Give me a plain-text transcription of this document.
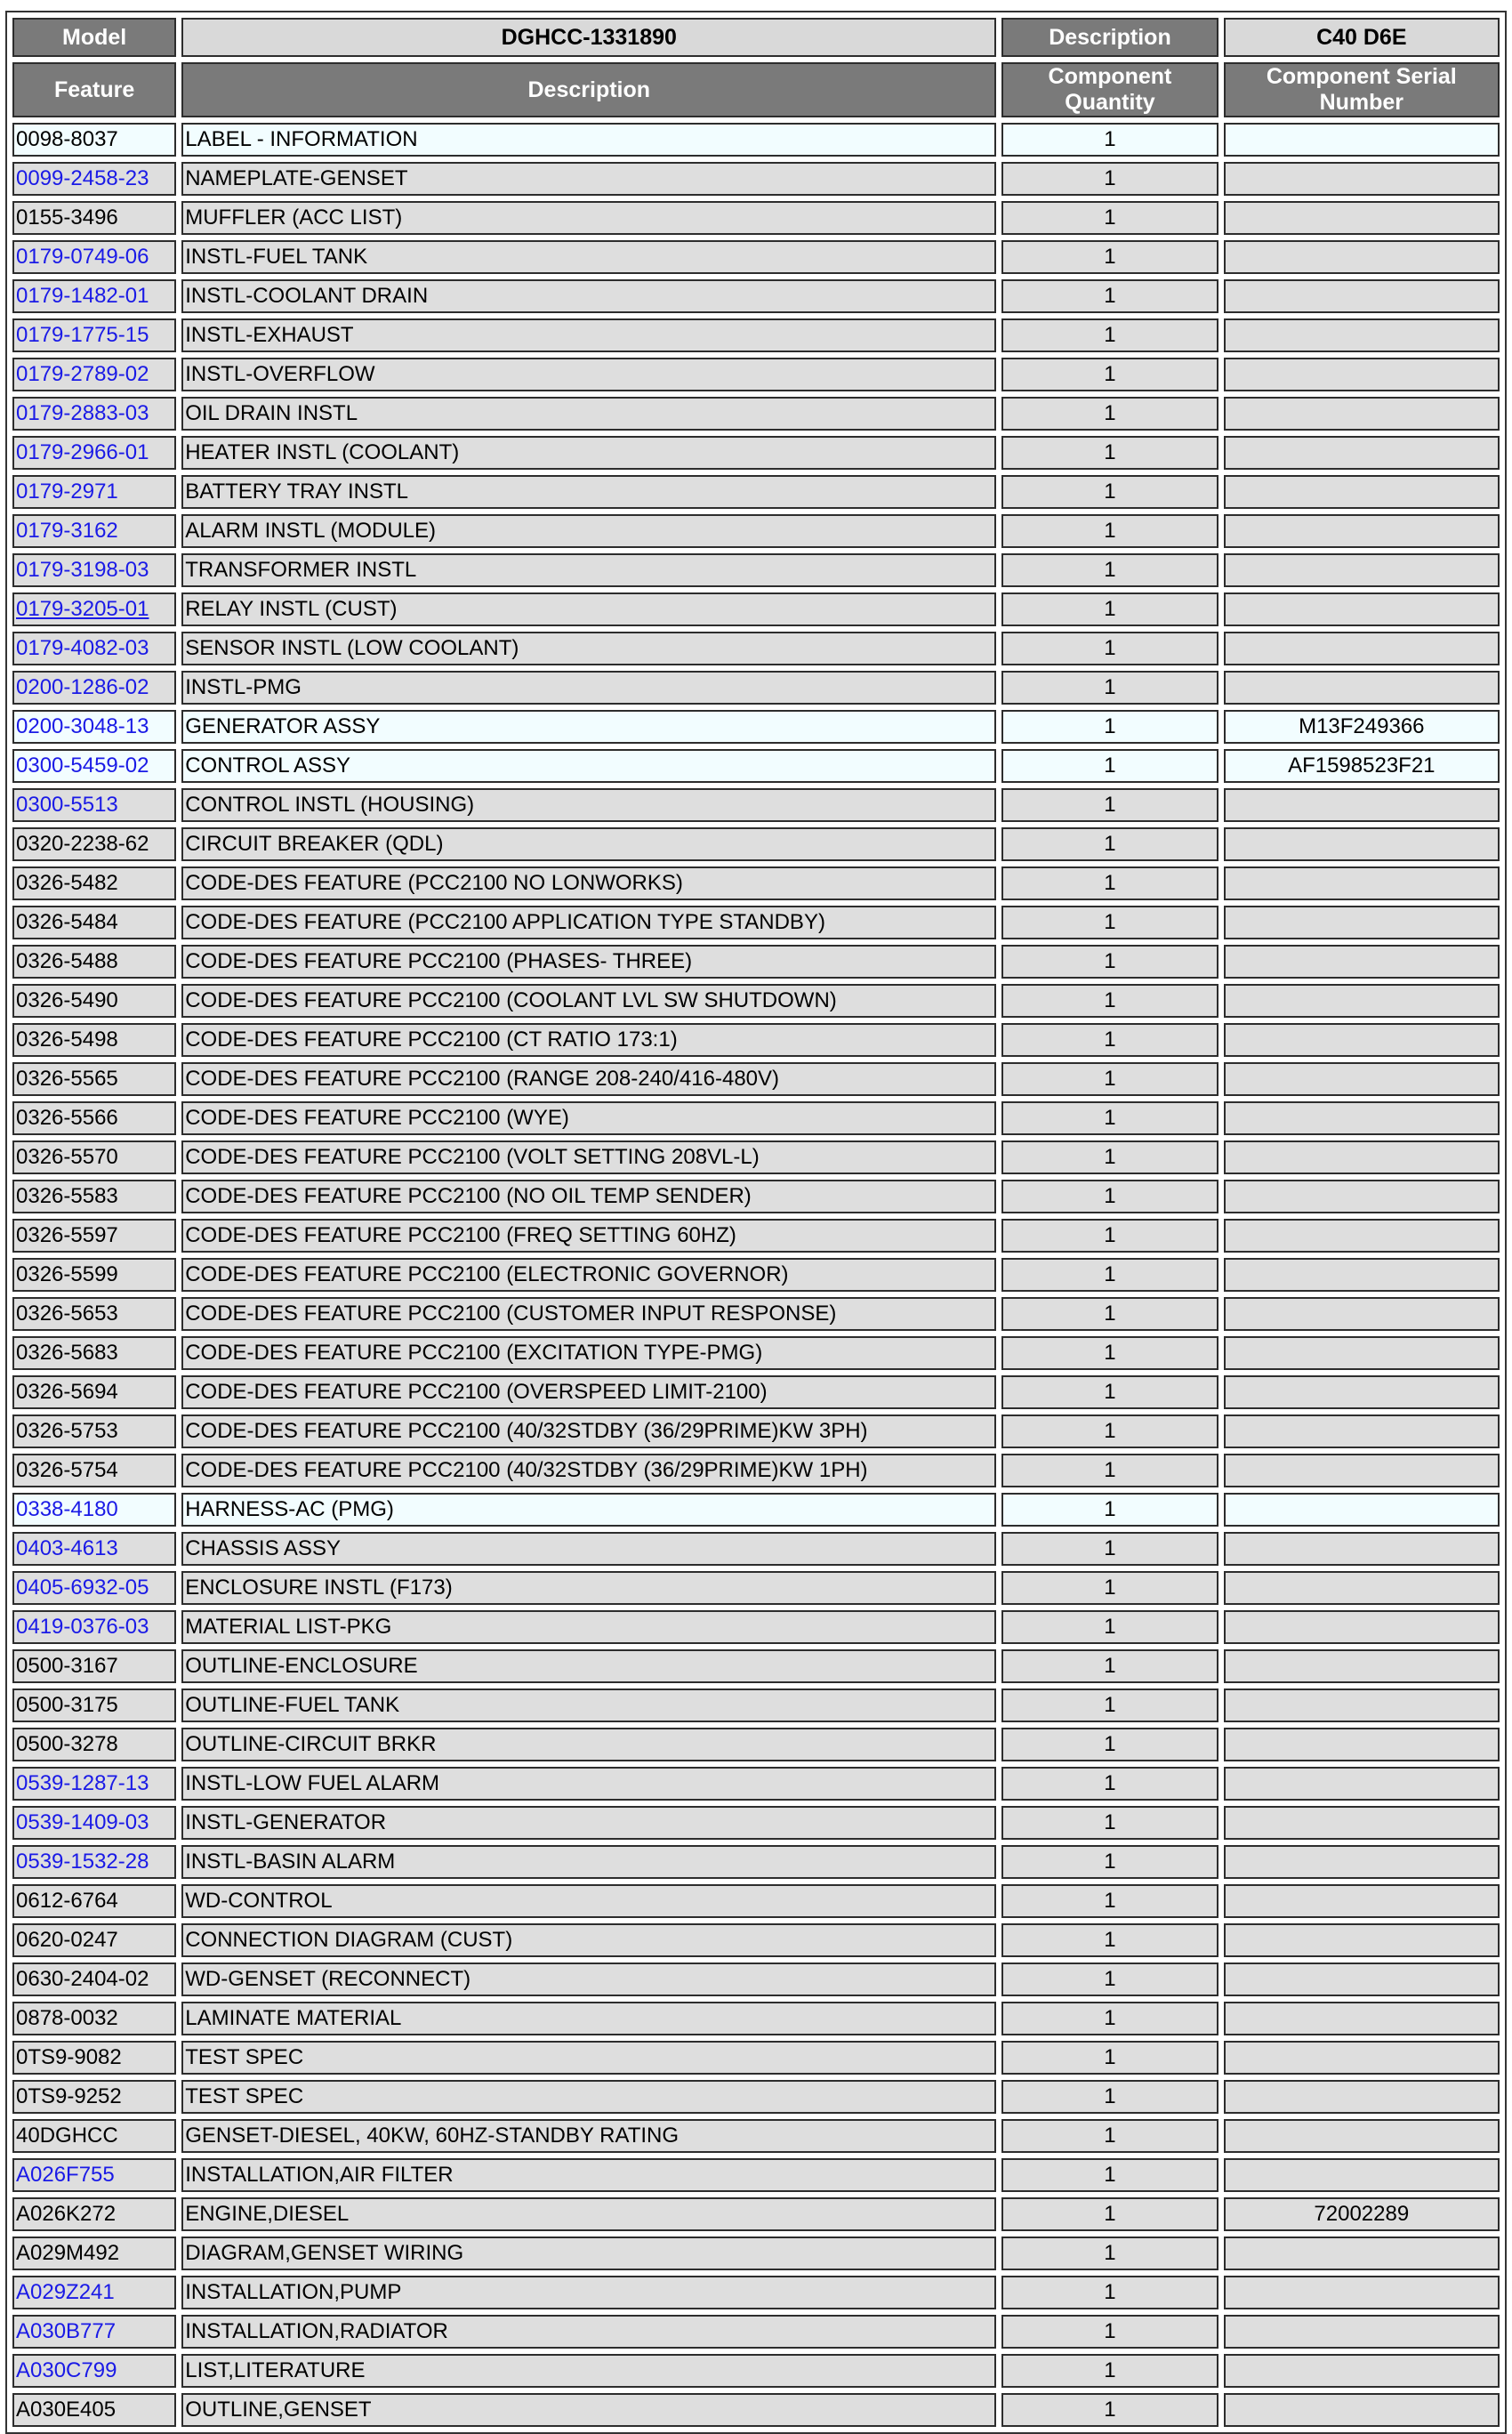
Model	DGHCC-1331890	Description	C40 D6E
Feature	Description	Component Quantity	Component Serial Number
0098-8037	LABEL - INFORMATION	1	
0099-2458-23	NAMEPLATE-GENSET	1	
0155-3496	MUFFLER (ACC LIST)	1	
0179-0749-06	INSTL-FUEL TANK	1	
0179-1482-01	INSTL-COOLANT DRAIN	1	
0179-1775-15	INSTL-EXHAUST	1	
0179-2789-02	INSTL-OVERFLOW	1	
0179-2883-03	OIL DRAIN INSTL	1	
0179-2966-01	HEATER INSTL (COOLANT)	1	
0179-2971	BATTERY TRAY INSTL	1	
0179-3162	ALARM INSTL (MODULE)	1	
0179-3198-03	TRANSFORMER INSTL	1	
0179-3205-01	RELAY INSTL (CUST)	1	
0179-4082-03	SENSOR INSTL (LOW COOLANT)	1	
0200-1286-02	INSTL-PMG	1	
0200-3048-13	GENERATOR ASSY	1	M13F249366
0300-5459-02	CONTROL ASSY	1	AF1598523F21
0300-5513	CONTROL INSTL (HOUSING)	1	
0320-2238-62	CIRCUIT BREAKER (QDL)	1	
0326-5482	CODE-DES FEATURE (PCC2100 NO LONWORKS)	1	
0326-5484	CODE-DES FEATURE (PCC2100 APPLICATION TYPE STANDBY)	1	
0326-5488	CODE-DES FEATURE PCC2100 (PHASES- THREE)	1	
0326-5490	CODE-DES FEATURE PCC2100 (COOLANT LVL SW SHUTDOWN)	1	
0326-5498	CODE-DES FEATURE PCC2100 (CT RATIO 173:1)	1	
0326-5565	CODE-DES FEATURE PCC2100 (RANGE 208-240/416-480V)	1	
0326-5566	CODE-DES FEATURE PCC2100 (WYE)	1	
0326-5570	CODE-DES FEATURE PCC2100 (VOLT SETTING 208VL-L)	1	
0326-5583	CODE-DES FEATURE PCC2100 (NO OIL TEMP SENDER)	1	
0326-5597	CODE-DES FEATURE PCC2100 (FREQ SETTING 60HZ)	1	
0326-5599	CODE-DES FEATURE PCC2100 (ELECTRONIC GOVERNOR)	1	
0326-5653	CODE-DES FEATURE PCC2100 (CUSTOMER INPUT RESPONSE)	1	
0326-5683	CODE-DES FEATURE PCC2100 (EXCITATION TYPE-PMG)	1	
0326-5694	CODE-DES FEATURE PCC2100 (OVERSPEED LIMIT-2100)	1	
0326-5753	CODE-DES FEATURE PCC2100 (40/32STDBY (36/29PRIME)KW 3PH)	1	
0326-5754	CODE-DES FEATURE PCC2100 (40/32STDBY (36/29PRIME)KW 1PH)	1	
0338-4180	HARNESS-AC (PMG)	1	
0403-4613	CHASSIS ASSY	1	
0405-6932-05	ENCLOSURE INSTL (F173)	1	
0419-0376-03	MATERIAL LIST-PKG	1	
0500-3167	OUTLINE-ENCLOSURE	1	
0500-3175	OUTLINE-FUEL TANK	1	
0500-3278	OUTLINE-CIRCUIT BRKR	1	
0539-1287-13	INSTL-LOW FUEL ALARM	1	
0539-1409-03	INSTL-GENERATOR	1	
0539-1532-28	INSTL-BASIN ALARM	1	
0612-6764	WD-CONTROL	1	
0620-0247	CONNECTION DIAGRAM (CUST)	1	
0630-2404-02	WD-GENSET (RECONNECT)	1	
0878-0032	LAMINATE MATERIAL	1	
0TS9-9082	TEST SPEC	1	
0TS9-9252	TEST SPEC	1	
40DGHCC	GENSET-DIESEL, 40KW, 60HZ-STANDBY RATING	1	
A026F755	INSTALLATION,AIR FILTER	1	
A026K272	ENGINE,DIESEL	1	72002289
A029M492	DIAGRAM,GENSET WIRING	1	
A029Z241	INSTALLATION,PUMP	1	
A030B777	INSTALLATION,RADIATOR	1	
A030C799	LIST,LITERATURE	1	
A030E405	OUTLINE,GENSET	1	
